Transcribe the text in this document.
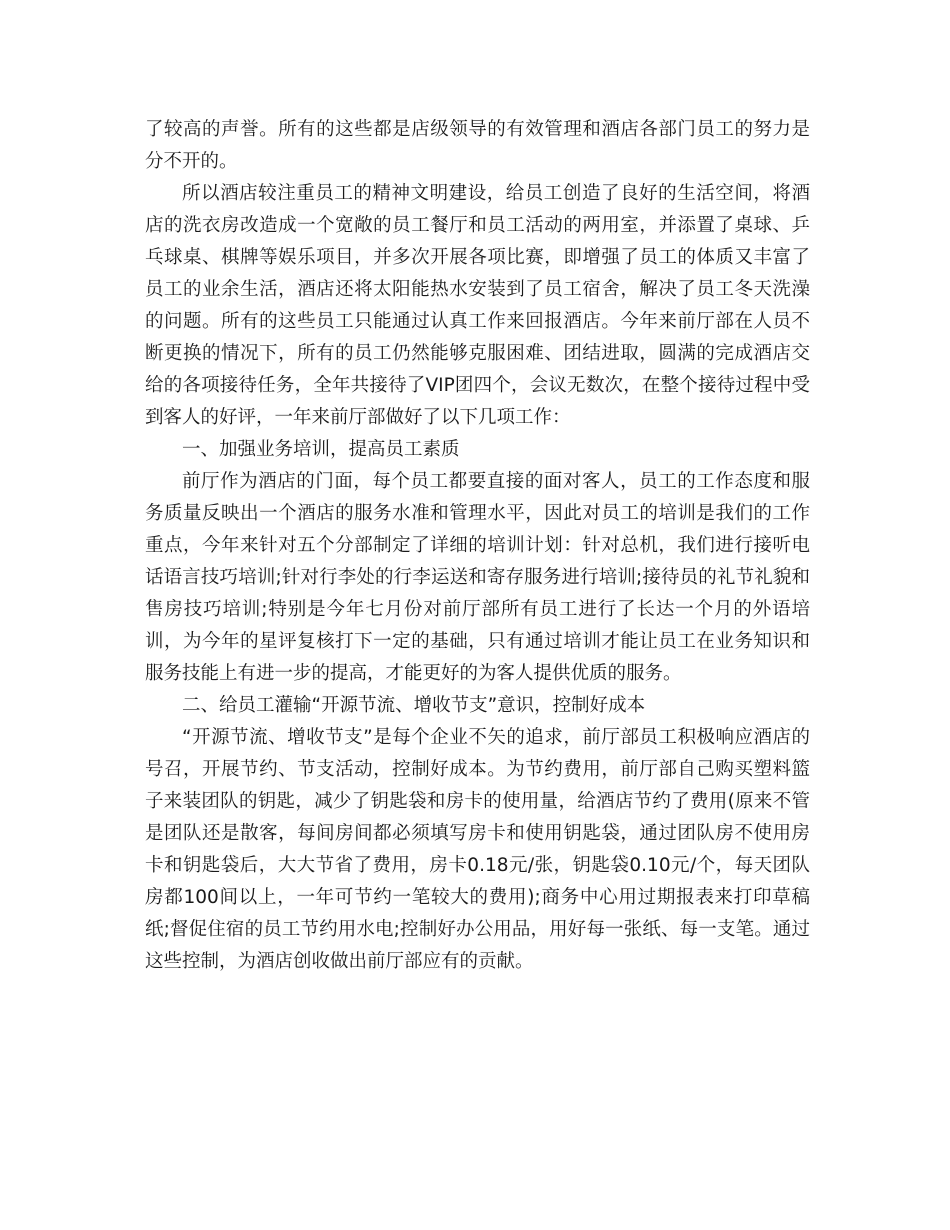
了较高的声誉。所有的这些都是店级领导的有效管理和酒店各部门员工的努力是分不开的。

所以酒店较注重员工的精神文明建设，给员工创造了良好的生活空间，将酒店的洗衣房改造成一个宽敞的员工餐厅和员工活动的两用室，并添置了桌球、乒乓球桌、棋牌等娱乐项目，并多次开展各项比赛，即增强了员工的体质又丰富了员工的业余生活，酒店还将太阳能热水安装到了员工宿舍，解决了员工冬天洗澡的问题。所有的这些员工只能通过认真工作来回报酒店。今年来前厅部在人员不断更换的情况下，所有的员工仍然能够克服困难、团结进取，圆满的完成酒店交给的各项接待任务，全年共接待了VIP团四个，会议无数次，在整个接待过程中受到客人的好评，一年来前厅部做好了以下几项工作：

一、加强业务培训，提高员工素质

前厅作为酒店的门面，每个员工都要直接的面对客人，员工的工作态度和服务质量反映出一个酒店的服务水准和管理水平，因此对员工的培训是我们的工作重点，今年来针对五个分部制定了详细的培训计划：针对总机，我们进行接听电话语言技巧培训;针对行李处的行李运送和寄存服务进行培训;接待员的礼节礼貌和售房技巧培训;特别是今年七月份对前厅部所有员工进行了长达一个月的外语培训，为今年的星评复核打下一定的基础，只有通过培训才能让员工在业务知识和服务技能上有进一步的提高，才能更好的为客人提供优质的服务。

二、给员工灌输“开源节流、增收节支”意识，控制好成本

“开源节流、增收节支”是每个企业不矢的追求，前厅部员工积极响应酒店的号召，开展节约、节支活动，控制好成本。为节约费用，前厅部自己购买塑料篮子来装团队的钥匙，减少了钥匙袋和房卡的使用量，给酒店节约了费用(原来不管是团队还是散客，每间房间都必须填写房卡和使用钥匙袋，通过团队房不使用房卡和钥匙袋后，大大节省了费用，房卡0.18元/张，钥匙袋0.10元/个，每天团队房都100间以上，一年可节约一笔较大的费用);商务中心用过期报表来打印草稿纸;督促住宿的员工节约用水电;控制好办公用品，用好每一张纸、每一支笔。通过这些控制，为酒店创收做出前厅部应有的贡献。
